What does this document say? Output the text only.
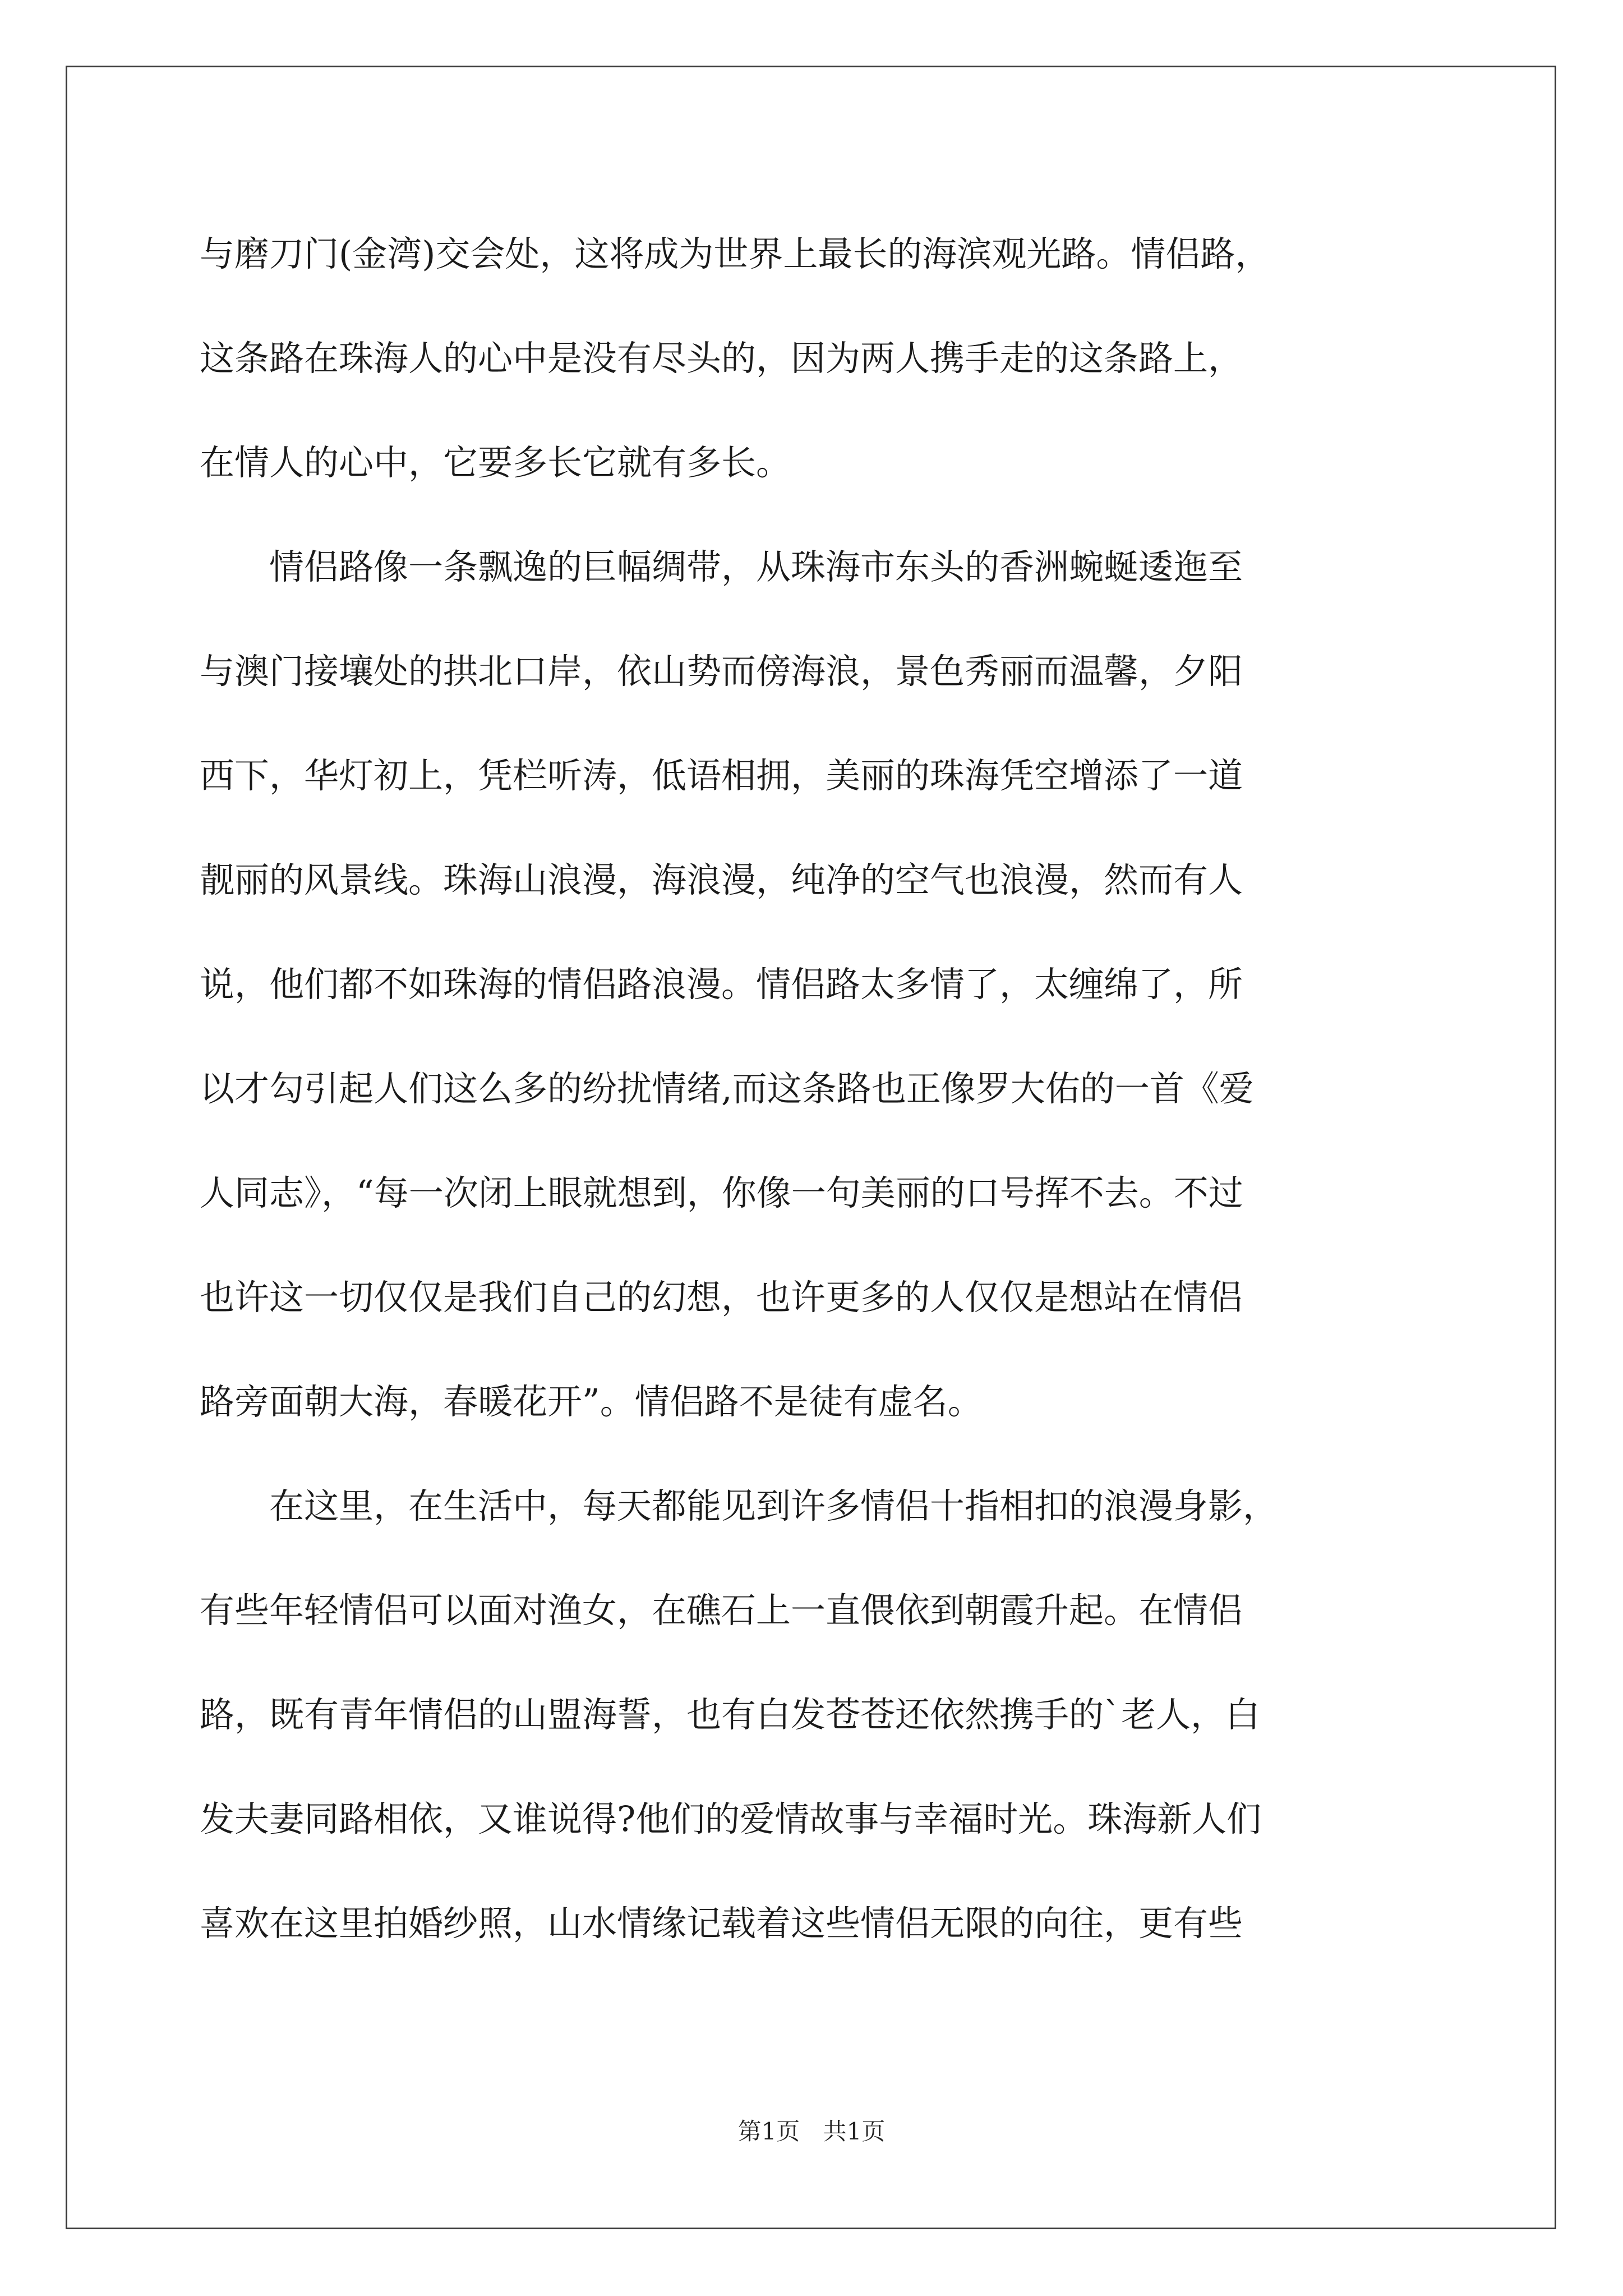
与磨刀门(金湾)交会处，这将成为世界上最长的海滨观光路。情侣路，
这条路在珠海人的心中是没有尽头的，因为两人携手走的这条路上，
在情人的心中，它要多长它就有多长。
　　情侣路像一条飘逸的巨幅绸带，从珠海市东头的香洲蜿蜒逶迤至
与澳门接壤处的拱北口岸，依山势而傍海浪，景色秀丽而温馨，夕阳
西下，华灯初上，凭栏听涛，低语相拥，美丽的珠海凭空增添了一道
靓丽的风景线。珠海山浪漫，海浪漫，纯净的空气也浪漫，然而有人
说，他们都不如珠海的情侣路浪漫。情侣路太多情了，太缠绵了，所
以才勾引起人们这么多的纷扰情绪,而这条路也正像罗大佑的一首《爱
人同志》，“每一次闭上眼就想到，你像一句美丽的口号挥不去。不过
也许这一切仅仅是我们自己的幻想，也许更多的人仅仅是想站在情侣
路旁面朝大海，春暖花开”。情侣路不是徒有虚名。
　　在这里，在生活中，每天都能见到许多情侣十指相扣的浪漫身影，
有些年轻情侣可以面对渔女，在礁石上一直偎依到朝霞升起。在情侣
路，既有青年情侣的山盟海誓，也有白发苍苍还依然携手的`老人，白
发夫妻同路相依，又谁说得?他们的爱情故事与幸福时光。珠海新人们
喜欢在这里拍婚纱照，山水情缘记载着这些情侣无限的向往，更有些
第1页 共1页
